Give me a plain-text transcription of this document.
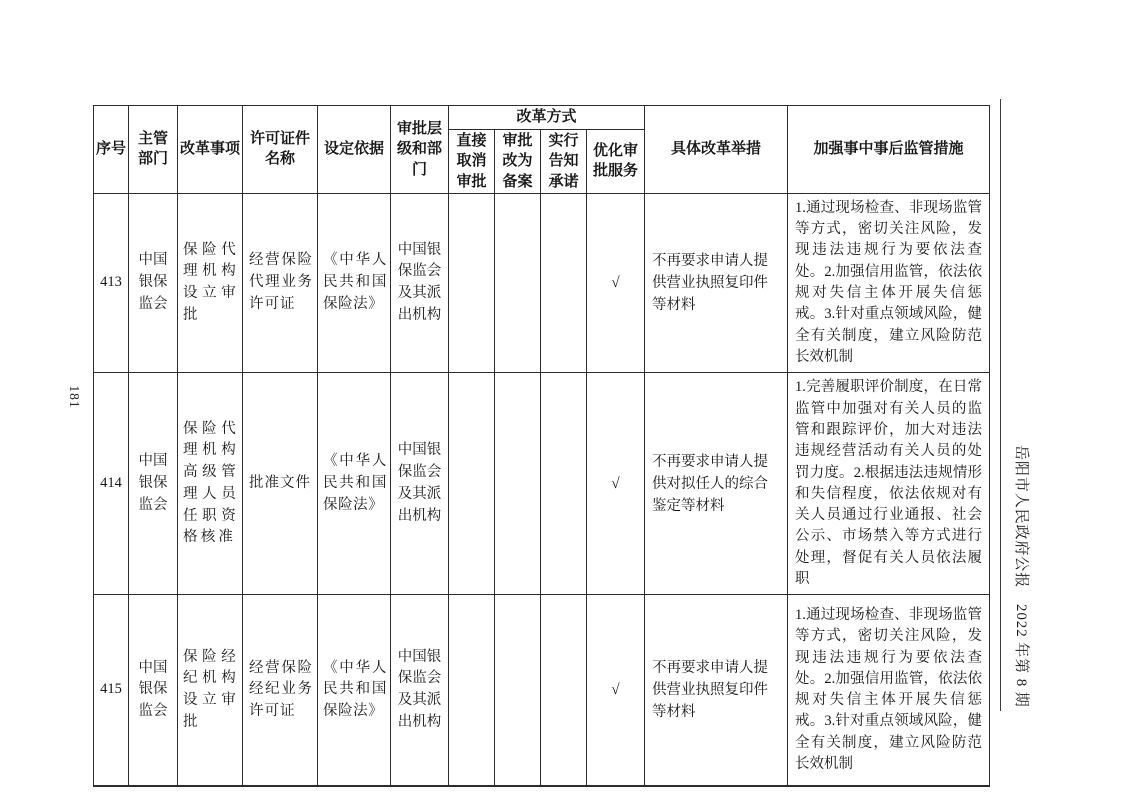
181
序号	主管部门	改革事项	许可证件名称	设定依据	审批层级和部门	改革方式				具体改革举措	加强事中事后监管措施
						直接取消审批	审批改为备案	实行告知承诺	优化审批服务		
413	中国银保监会	保险代理机构设立审批	经营保险代理业务许可证	《中华人民共和国保险法》	中国银保监会及其派出机构				√	不再要求申请人提供营业执照复印件等材料	1.通过现场检查、非现场监管等方式，密切关注风险，发现违法违规行为要依法查处。2.加强信用监管，依法依规对失信主体开展失信惩戒。3.针对重点领域风险，健全有关制度，建立风险防范长效机制
414	中国银保监会	保险代理机构高级管理人员任职资格核准	批准文件	《中华人民共和国保险法》	中国银保监会及其派出机构				√	不再要求申请人提供对拟任人的综合鉴定等材料	1.完善履职评价制度，在日常监管中加强对有关人员的监管和跟踪评价，加大对违法违规经营活动有关人员的处罚力度。2.根据违法违规情形和失信程度，依法依规对有关人员通过行业通报、社会公示、市场禁入等方式进行处理，督促有关人员依法履职
415	中国银保监会	保险经纪机构设立审批	经营保险经纪业务许可证	《中华人民共和国保险法》	中国银保监会及其派出机构				√	不再要求申请人提供营业执照复印件等材料	1.通过现场检查、非现场监管等方式，密切关注风险，发现违法违规行为要依法查处。2.加强信用监管，依法依规对失信主体开展失信惩戒。3.针对重点领域风险，健全有关制度，建立风险防范长效机制
岳阳市人民政府公报　2022 年第 8 期
